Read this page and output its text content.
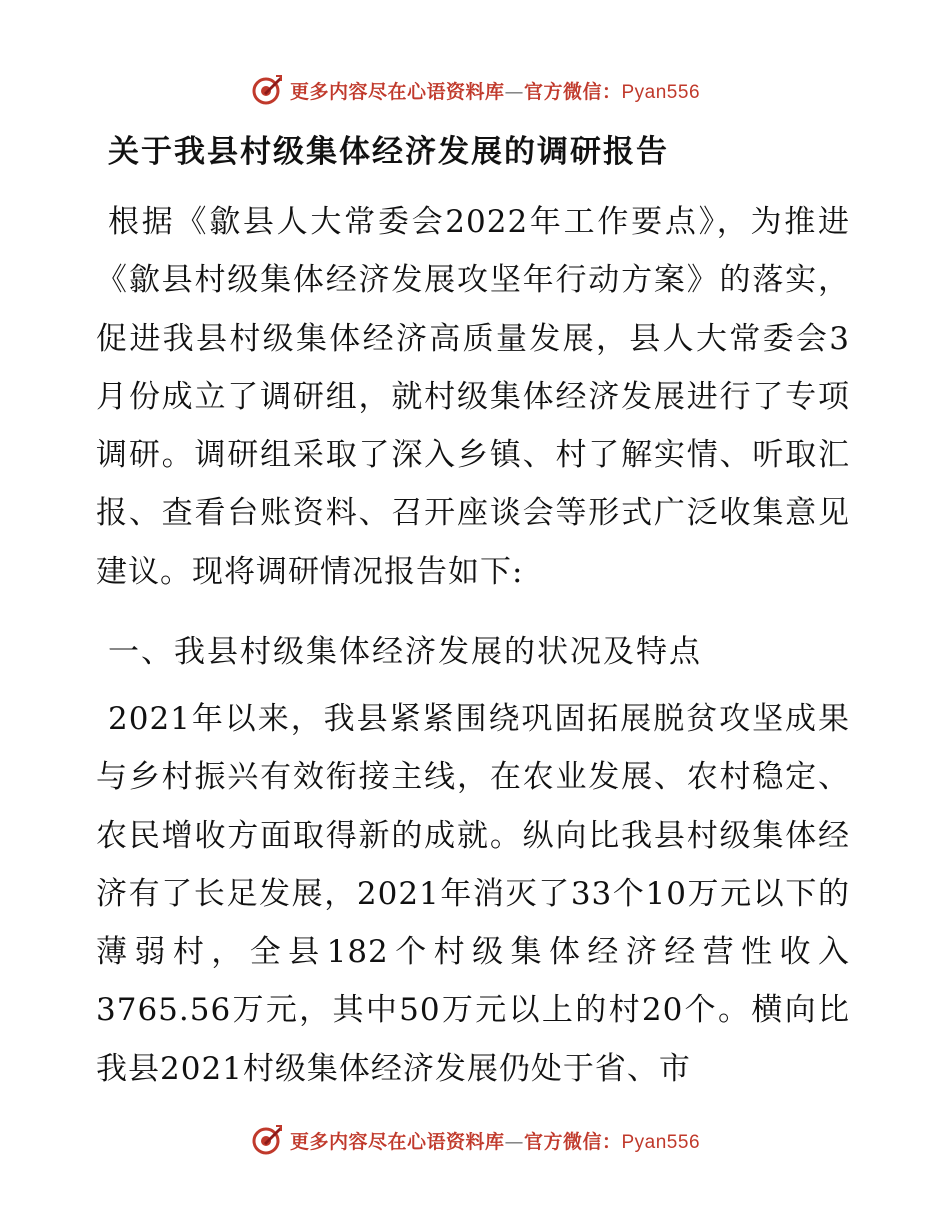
更多内容尽在心语资料库—官方微信：Pyan556
关于我县村级集体经济发展的调研报告

根据《歙县人大常委会2022年工作要点》，为推进《歙县村级集体经济发展攻坚年行动方案》的落实，促进我县村级集体经济高质量发展，县人大常委会3月份成立了调研组，就村级集体经济发展进行了专项调研。调研组采取了深入乡镇、村了解实情、听取汇报、查看台账资料、召开座谈会等形式广泛收集意见建议。现将调研情况报告如下:

一、我县村级集体经济发展的状况及特点

2021年以来，我县紧紧围绕巩固拓展脱贫攻坚成果与乡村振兴有效衔接主线，在农业发展、农村稳定、农民增收方面取得新的成就。纵向比我县村级集体经济有了长足发展，2021年消灭了33个10万元以下的薄弱村，全县182个村级集体经济经营性收入3765.56万元，其中50万元以上的村20个。横向比我县2021村级集体经济发展仍处于省、市

更多内容尽在心语资料库—官方微信：Pyan556
